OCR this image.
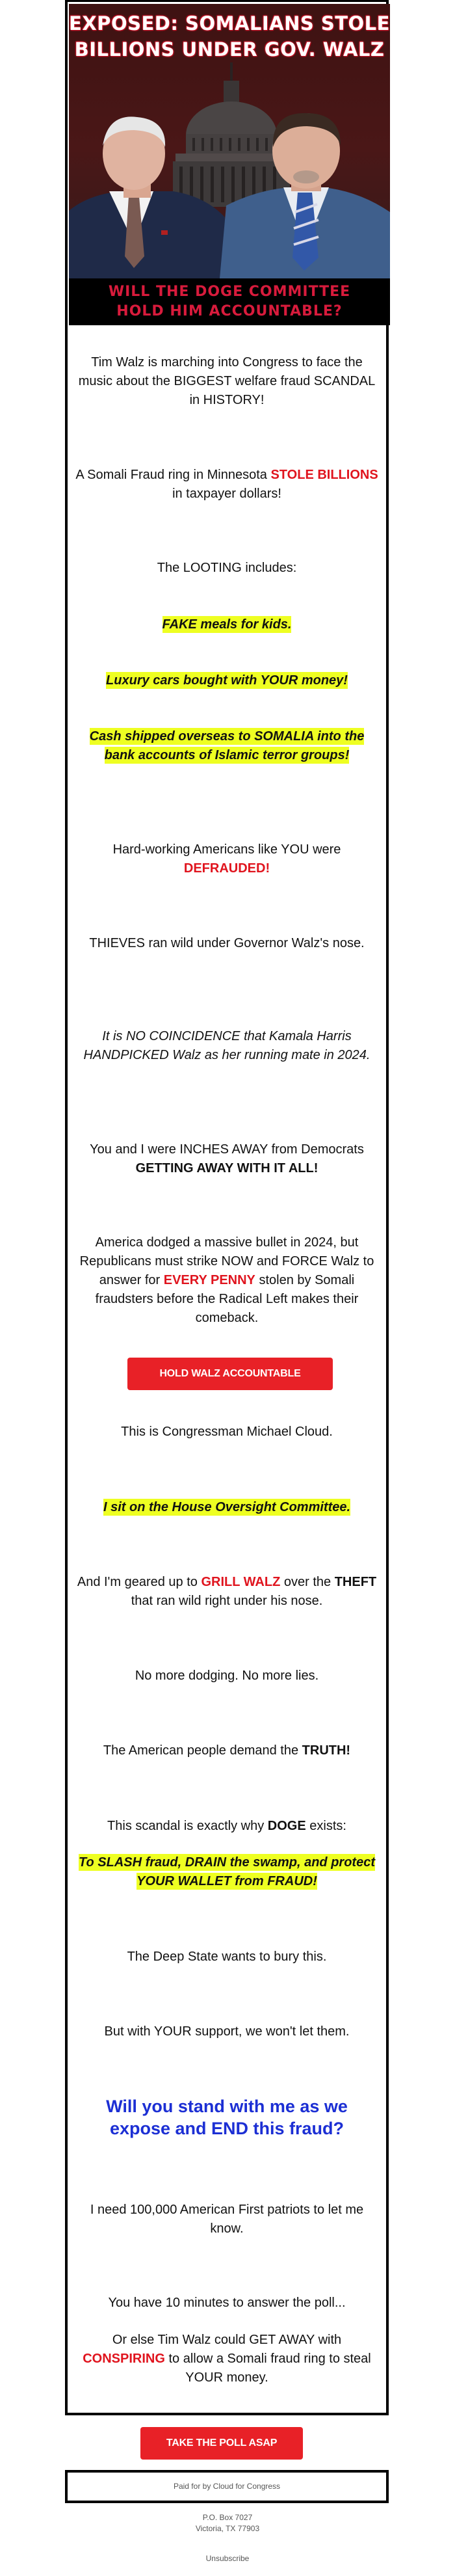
EXPOSED: SOMALIANS STOLE
BILLIONS UNDER GOV. WALZ
WILL THE DOGE COMMITTEE
HOLD HIM ACCOUNTABLE?
Tim Walz is marching into Congress to face the music about the BIGGEST welfare fraud SCANDAL in HISTORY!
A Somali Fraud ring in Minnesota STOLE BILLIONS in taxpayer dollars!
The LOOTING includes:
FAKE meals for kids.
Luxury cars bought with YOUR money!
Cash shipped overseas to SOMALIA into the bank accounts of Islamic terror groups!
Hard-working Americans like YOU were DEFRAUDED!
THIEVES ran wild under Governor Walz's nose.
It is NO COINCIDENCE that Kamala Harris HANDPICKED Walz as her running mate in 2024.
You and I were INCHES AWAY from Democrats GETTING AWAY WITH IT ALL!
America dodged a massive bullet in 2024, but Republicans must strike NOW and FORCE Walz to answer for EVERY PENNY stolen by Somali fraudsters before the Radical Left makes their comeback.
HOLD WALZ ACCOUNTABLE
This is Congressman Michael Cloud.
I sit on the House Oversight Committee.
And I'm geared up to GRILL WALZ over the THEFT that ran wild right under his nose.
No more dodging. No more lies.
The American people demand the TRUTH!
This scandal is exactly why DOGE exists:
To SLASH fraud, DRAIN the swamp, and protect YOUR WALLET from FRAUD!
The Deep State wants to bury this.
But with YOUR support, we won't let them.
Will you stand with me as we expose and END this fraud?
I need 100,000 American First patriots to let me know.
You have 10 minutes to answer the poll...
Or else Tim Walz could GET AWAY with CONSPIRING to allow a Somali fraud ring to steal YOUR money.
TAKE THE POLL ASAP
Paid for by Cloud for Congress
P.O. Box 7027
Victoria, TX 77903
Unsubscribe
